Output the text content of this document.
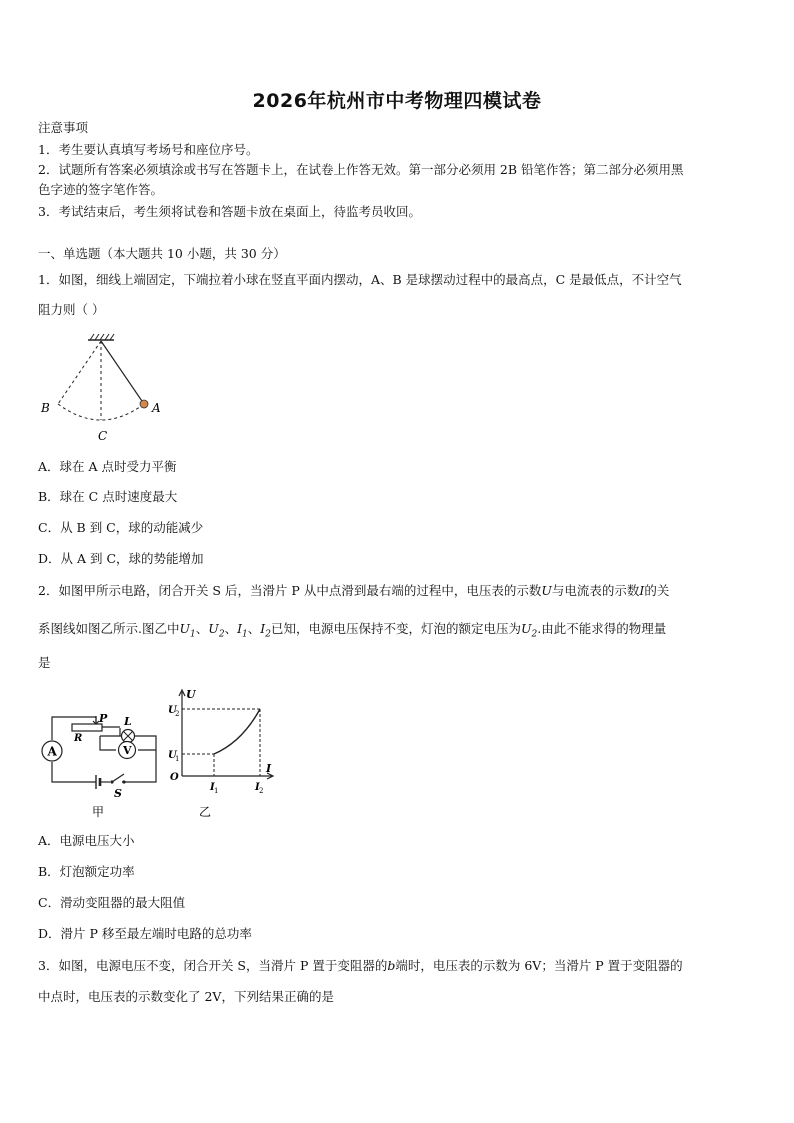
2026年杭州市中考物理四模试卷
注意事项
1．考生要认真填写考场号和座位序号。
2．试题所有答案必须填涂或书写在答题卡上，在试卷上作答无效。第一部分必须用 2B 铅笔作答；第二部分必须用黑
色字迹的签字笔作答。
3．考试结束后，考生须将试卷和答题卡放在桌面上，待监考员收回。
一、单选题（本大题共 10 小题，共 30 分）
1．如图，细线上端固定，下端拉着小球在竖直平面内摆动，A、B 是球摆动过程中的最高点，C 是最低点，不计空气
阻力则（ ）
A
B
C
A．球在 A 点时受力平衡
B．球在 C 点时速度最大
C．从 B 到 C，球的动能减少
D．从 A 到 C，球的势能增加
2．如图甲所示电路，闭合开关 S 后，当滑片 P 从中点滑到最右端的过程中，电压表的示数U与电流表的示数I的关
系图线如图乙所示.图乙中$U_1$、$U_2$、$I_1$、$I_2$已知，电源电压保持不变，灯泡的额定电压为$U_2$.由此不能求得的物理量
是
A
P
R
L
V
S
甲
U
I
O
U
2
U
1
I 1	I 2
乙
A．电源电压大小
B．灯泡额定功率
C．滑动变阻器的最大阻值
D．滑片 P 移至最左端时电路的总功率
3．如图，电源电压不变，闭合开关 S，当滑片 P 置于变阻器的b端时，电压表的示数为 6V；当滑片 P 置于变阻器的
中点时，电压表的示数变化了 2V，下列结果正确的是
